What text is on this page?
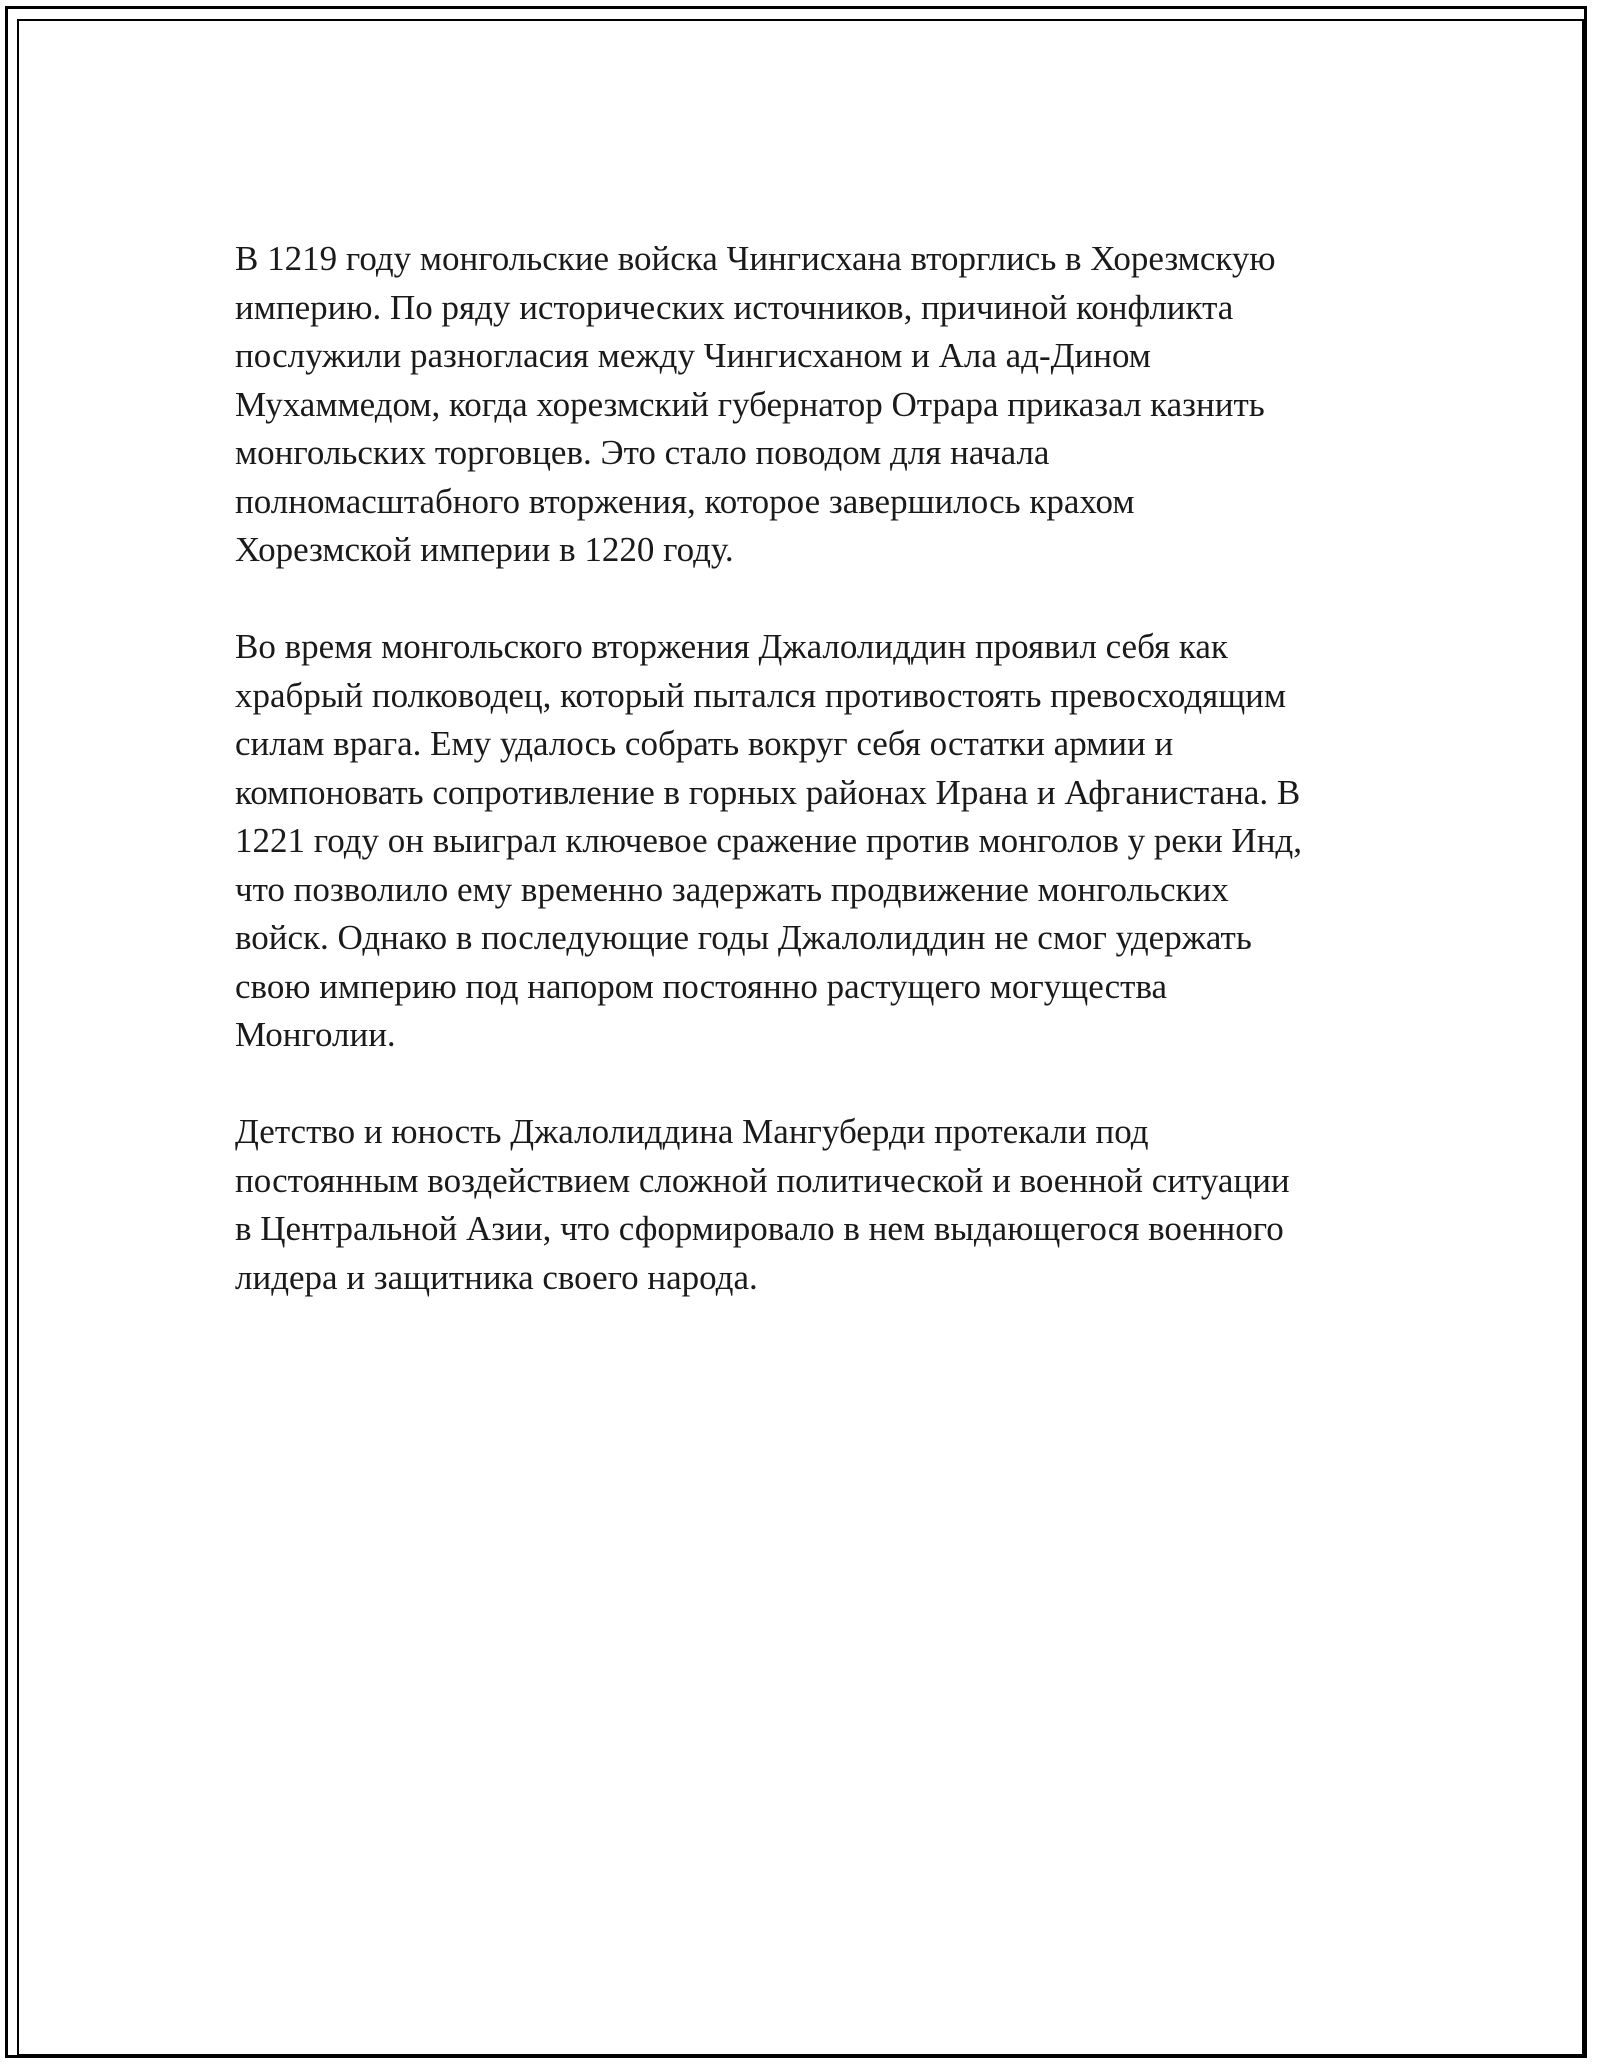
В 1219 году монгольские войска Чингисхана вторглись в Хорезмскую
империю. По ряду исторических источников, причиной конфликта
послужили разногласия между Чингисханом и Ала ад-Дином
Мухаммедом, когда хорезмский губернатор Отрара приказал казнить
монгольских торговцев. Это стало поводом для начала
полномасштабного вторжения, которое завершилось крахом
Хорезмской империи в 1220 году.

Во время монгольского вторжения Джалолиддин проявил себя как
храбрый полководец, который пытался противостоять превосходящим
силам врага. Ему удалось собрать вокруг себя остатки армии и
компоновать сопротивление в горных районах Ирана и Афганистана. В
1221 году он выиграл ключевое сражение против монголов у реки Инд,
что позволило ему временно задержать продвижение монгольских
войск. Однако в последующие годы Джалолиддин не смог удержать
свою империю под напором постоянно растущего могущества
Монголии.

Детство и юность Джалолиддина Мангуберди протекали под
постоянным воздействием сложной политической и военной ситуации
в Центральной Азии, что сформировало в нем выдающегося военного
лидера и защитника своего народа.
